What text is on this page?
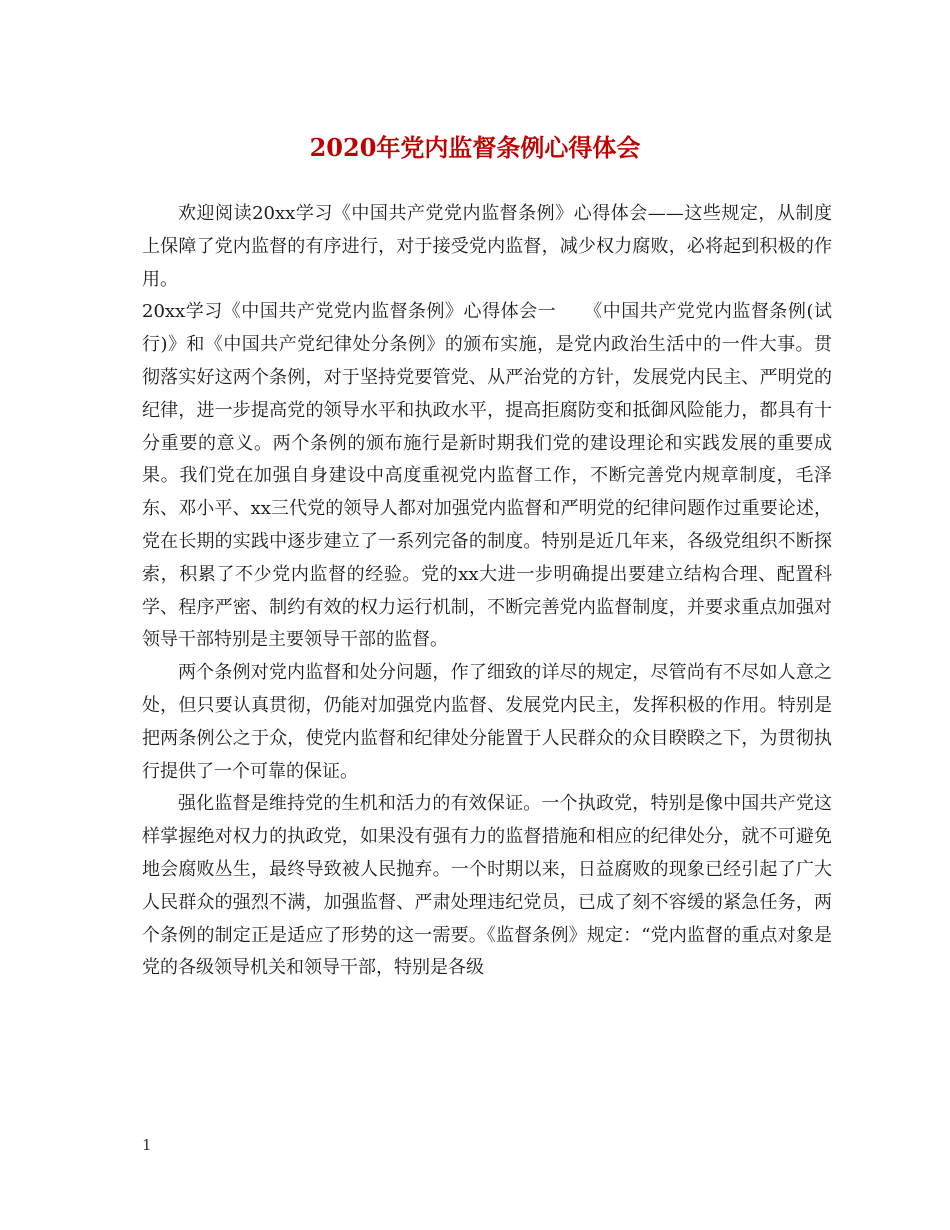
2020年党内监督条例心得体会

欢迎阅读20xx学习《中国共产党党内监督条例》心得体会——这些规定，从制度上保障了党内监督的有序进行，对于接受党内监督，减少权力腐败，必将起到积极的作用。

20xx学习《中国共产党党内监督条例》心得体会一　　《中国共产党党内监督条例(试行)》和《中国共产党纪律处分条例》的颁布实施，是党内政治生活中的一件大事。贯彻落实好这两个条例，对于坚持党要管党、从严治党的方针，发展党内民主、严明党的纪律，进一步提高党的领导水平和执政水平，提高拒腐防变和抵御风险能力，都具有十分重要的意义。两个条例的颁布施行是新时期我们党的建设理论和实践发展的重要成果。我们党在加强自身建设中高度重视党内监督工作，不断完善党内规章制度，毛泽东、邓小平、xx三代党的领导人都对加强党内监督和严明党的纪律问题作过重要论述，党在长期的实践中逐步建立了一系列完备的制度。特别是近几年来，各级党组织不断探索，积累了不少党内监督的经验。党的xx大进一步明确提出要建立结构合理、配置科学、程序严密、制约有效的权力运行机制，不断完善党内监督制度，并要求重点加强对领导干部特别是主要领导干部的监督。

两个条例对党内监督和处分问题，作了细致的详尽的规定，尽管尚有不尽如人意之处，但只要认真贯彻，仍能对加强党内监督、发展党内民主，发挥积极的作用。特别是把两条例公之于众，使党内监督和纪律处分能置于人民群众的众目睽睽之下，为贯彻执行提供了一个可靠的保证。

强化监督是维持党的生机和活力的有效保证。一个执政党，特别是像中国共产党这样掌握绝对权力的执政党，如果没有强有力的监督措施和相应的纪律处分，就不可避免地会腐败丛生，最终导致被人民抛弃。一个时期以来，日益腐败的现象已经引起了广大人民群众的强烈不满，加强监督、严肃处理违纪党员，已成了刻不容缓的紧急任务，两个条例的制定正是适应了形势的这一需要。《监督条例》规定：“党内监督的重点对象是党的各级领导机关和领导干部，特别是各级

1
